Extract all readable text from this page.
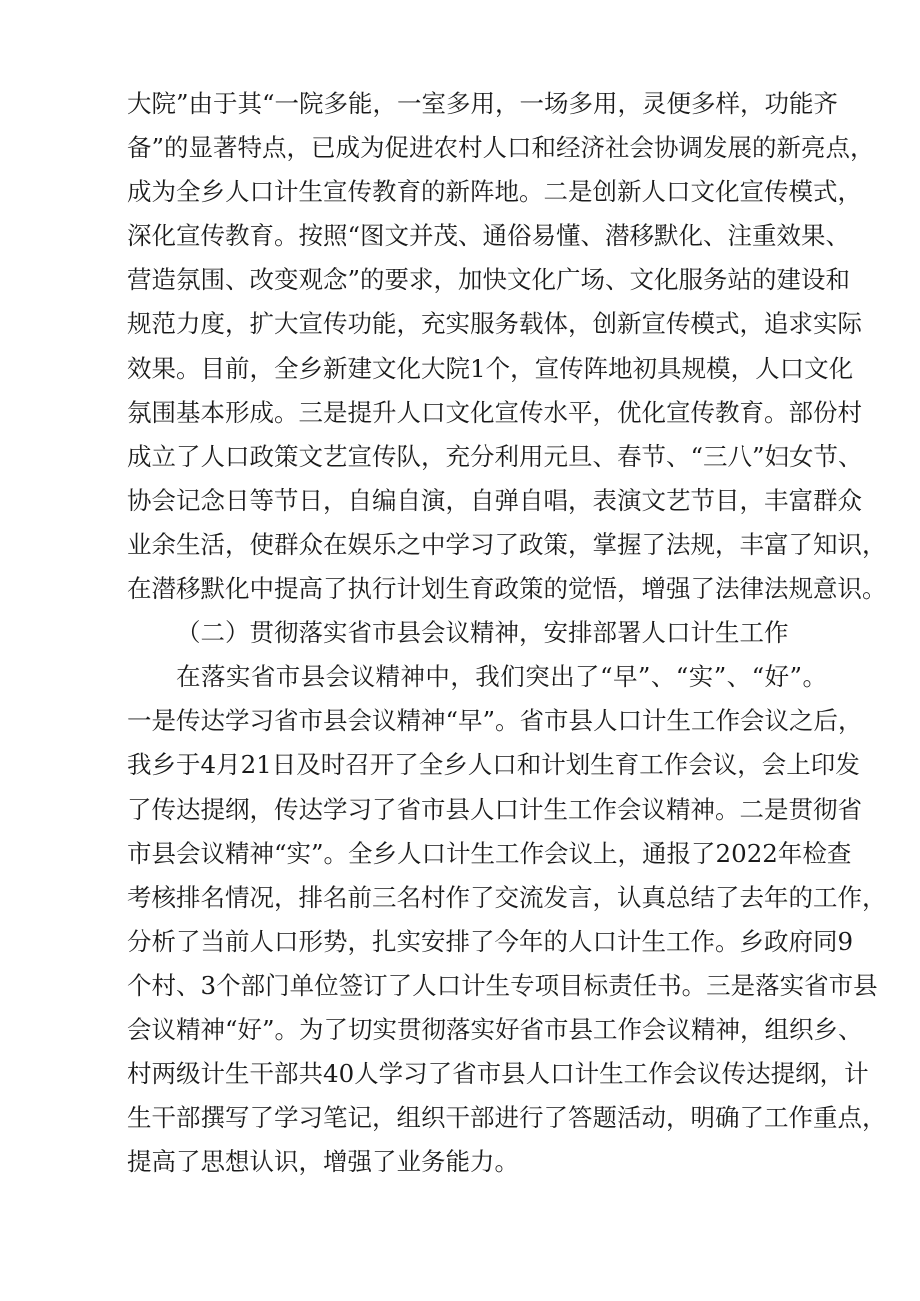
大院”由于其“一院多能，一室多用，一场多用，灵便多样，功能齐
备”的显著特点，已成为促进农村人口和经济社会协调发展的新亮点，
成为全乡人口计生宣传教育的新阵地。二是创新人口文化宣传模式，
深化宣传教育。按照“图文并茂、通俗易懂、潜移默化、注重效果、
营造氛围、改变观念”的要求，加快文化广场、文化服务站的建设和
规范力度，扩大宣传功能，充实服务载体，创新宣传模式，追求实际
效果。目前，全乡新建文化大院1个，宣传阵地初具规模，人口文化
氛围基本形成。三是提升人口文化宣传水平，优化宣传教育。部份村
成立了人口政策文艺宣传队，充分利用元旦、春节、“三八”妇女节、
协会记念日等节日，自编自演，自弹自唱，表演文艺节目，丰富群众
业余生活，使群众在娱乐之中学习了政策，掌握了法规，丰富了知识，
在潜移默化中提高了执行计划生育政策的觉悟，增强了法律法规意识。
（二）贯彻落实省市县会议精神，安排部署人口计生工作
在落实省市县会议精神中，我们突出了“早”、“实”、“好”。
一是传达学习省市县会议精神“早”。省市县人口计生工作会议之后，
我乡于4月21日及时召开了全乡人口和计划生育工作会议，会上印发
了传达提纲，传达学习了省市县人口计生工作会议精神。二是贯彻省
市县会议精神“实”。全乡人口计生工作会议上，通报了2022年检查
考核排名情况，排名前三名村作了交流发言，认真总结了去年的工作，
分析了当前人口形势，扎实安排了今年的人口计生工作。乡政府同9
个村、3个部门单位签订了人口计生专项目标责任书。三是落实省市县
会议精神“好”。为了切实贯彻落实好省市县工作会议精神，组织乡、
村两级计生干部共40人学习了省市县人口计生工作会议传达提纲，计
生干部撰写了学习笔记，组织干部进行了答题活动，明确了工作重点，
提高了思想认识，增强了业务能力。
